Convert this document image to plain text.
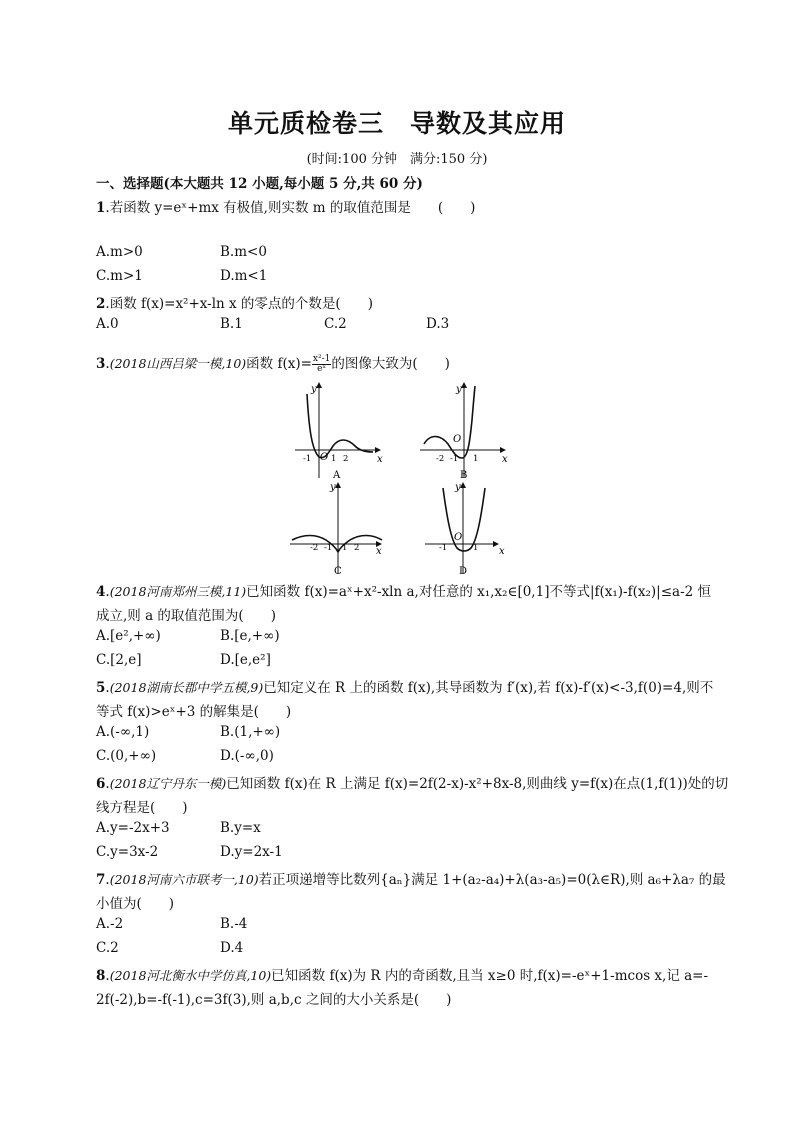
单元质检卷三　导数及其应用
(时间:100 分钟　满分:150 分)
一、选择题(本大题共 12 小题,每小题 5 分,共 60 分)
1.若函数 y=eˣ+mx 有极值,则实数 m 的取值范围是　　(　　)
A.m>0	B.m<0
C.m>1	D.m<1
2.函数 f(x)=x²+x-ln x 的零点的个数是(　　)
A.0	B.1	C.2	D.3
3.(2018山西吕梁一模,10)函数 $f(x)= \frac{\text{x²-1}}{\text{eˣ}}$ 的图像大致为(　　)
y
x
O
-1 1 2
A
y
x
O
-2 -1 1
B
y
x
-2 -1 1 2
C
y
x
O
-1	1
D
4.(2018河南郑州三模,11)已知函数 f(x)=aˣ+x²-xln a,对任意的 x₁,x₂∈[0,1]不等式|f(x₁)-f(x₂)|≤a-2 恒
成立,则 a 的取值范围为(　　)
A.[e²,+∞)	B.[e,+∞)
C.[2,e]	D.[e,e²]
5.(2018湖南长郡中学五模,9)已知定义在 R 上的函数 f(x),其导函数为 f′(x),若 f(x)-f′(x)<-3,f(0)=4,则不
等式 f(x)>eˣ+3 的解集是(　　)
A.(-∞,1)	B.(1,+∞)
C.(0,+∞)	D.(-∞,0)
6.(2018辽宁丹东一模)已知函数 f(x)在 R 上满足 f(x)=2f(2-x)-x²+8x-8,则曲线 y=f(x)在点(1,f(1))处的切
线方程是(　　)
A.y=-2x+3	B.y=x
C.y=3x-2	D.y=2x-1
7.(2018河南六市联考一,10)若正项递增等比数列{aₙ}满足 1+(a₂-a₄)+λ(a₃-a₅)=0(λ∈R),则 a₆+λa₇ 的最
小值为(　　)
A.-2	B.-4
C.2	D.4
8.(2018河北衡水中学仿真,10)已知函数 f(x)为 R 内的奇函数,且当 x≥0 时,f(x)=-eˣ+1-mcos x,记 a=-
2f(-2),b=-f(-1),c=3f(3),则 a,b,c 之间的大小关系是(　　)
